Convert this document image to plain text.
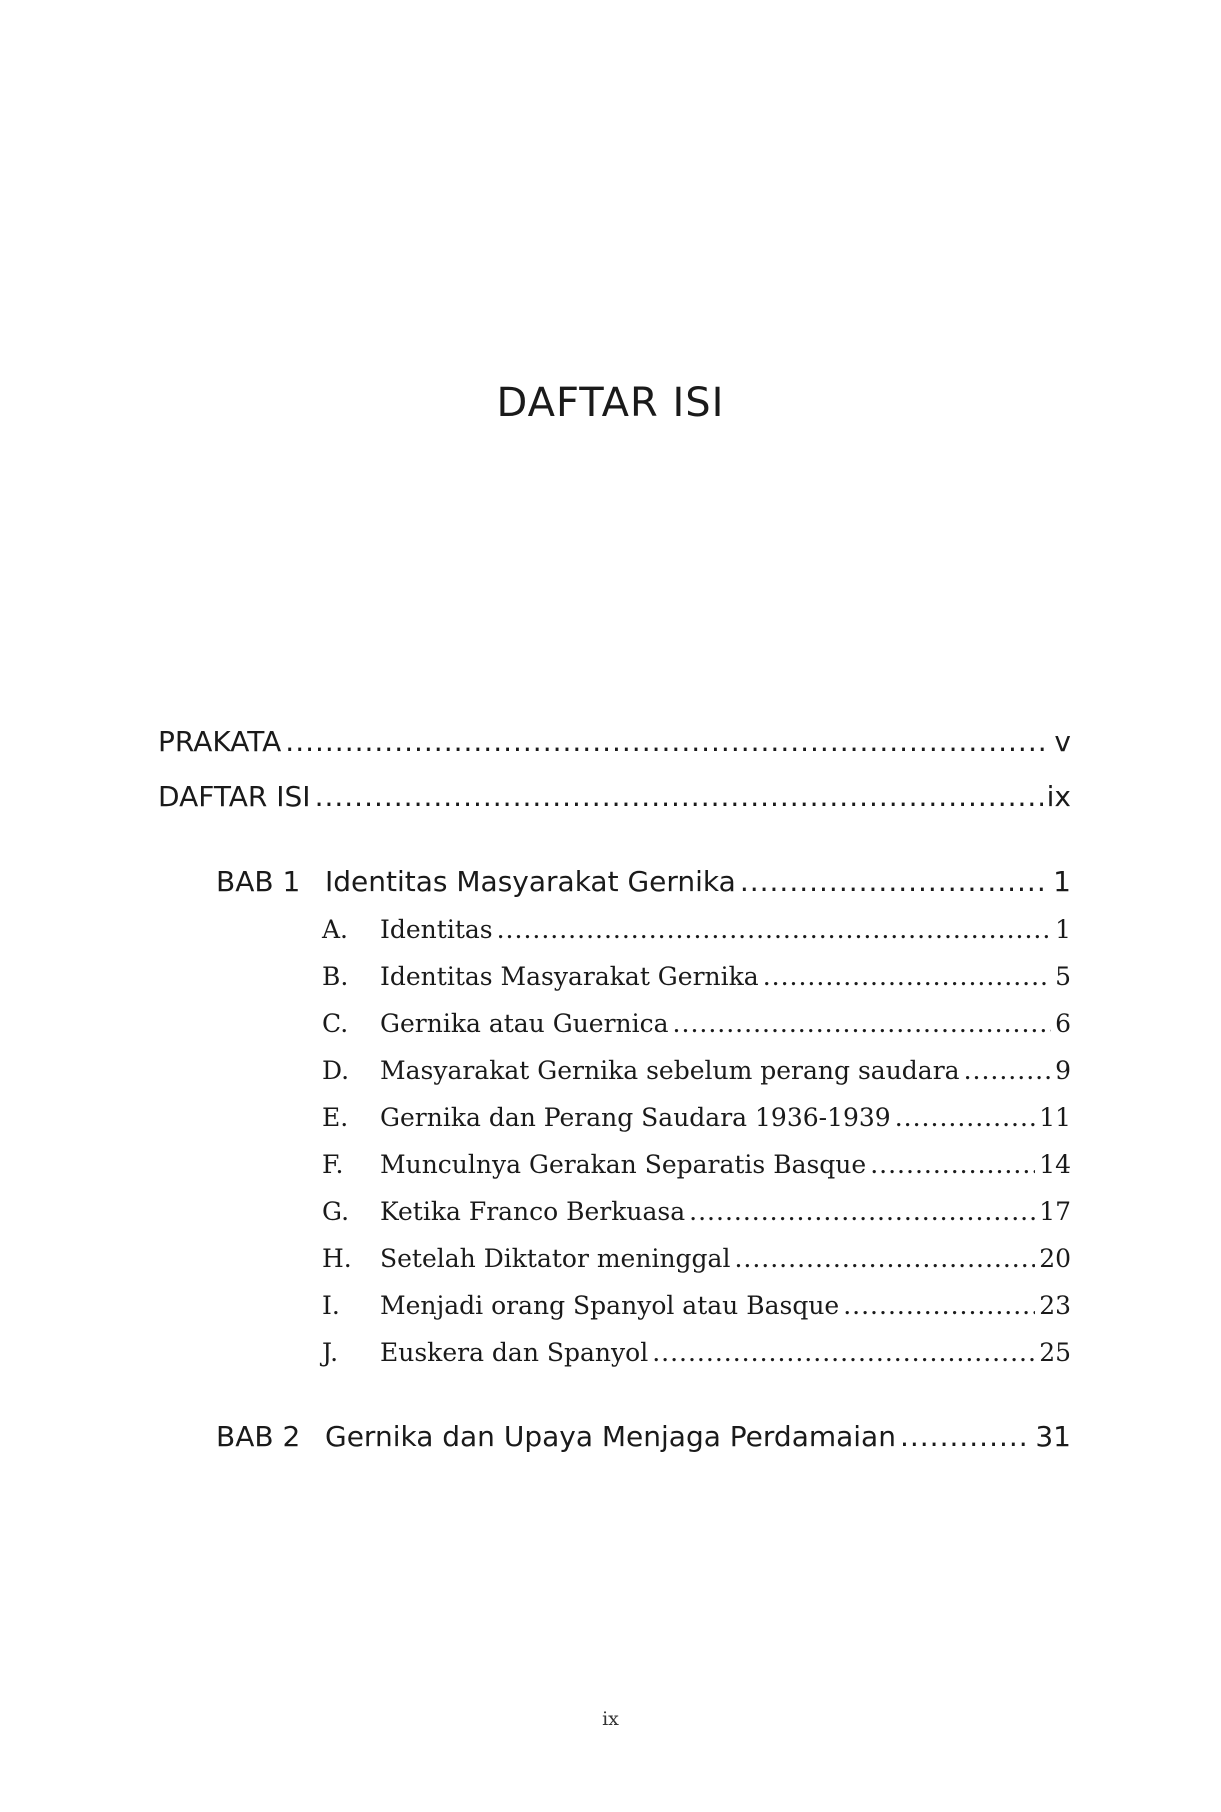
DAFTAR ISI
PRAKATA .....	v
DAFTAR ISI .....	ix
BAB 1 Identitas Masyarakat Gernika .....	1
A. Identitas .....	1
B. Identitas Masyarakat Gernika .....	5
C. Gernika atau Guernica .....	6
D. Masyarakat Gernika sebelum perang saudara .....	9
E. Gernika dan Perang Saudara 1936-1939 .....	11
F. Munculnya Gerakan Separatis Basque .....	14
G. Ketika Franco Berkuasa .....	17
H. Setelah Diktator meninggal .....	20
I. Menjadi orang Spanyol atau Basque .....	23
J. Euskera dan Spanyol .....	25
BAB 2 Gernika dan Upaya Menjaga Perdamaian .....	31
ix
